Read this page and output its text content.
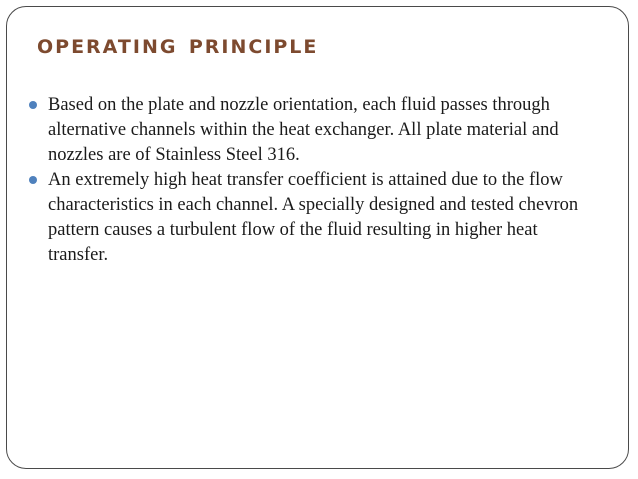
operating principle
Based on the plate and nozzle orientation, each fluid passes through alternative channels within the heat exchanger. All plate material and nozzles are of Stainless Steel 316.
An extremely high heat transfer coefficient is attained due to the flow characteristics in each channel. A specially designed and tested chevron pattern causes a turbulent flow of the fluid resulting in higher heat transfer.
